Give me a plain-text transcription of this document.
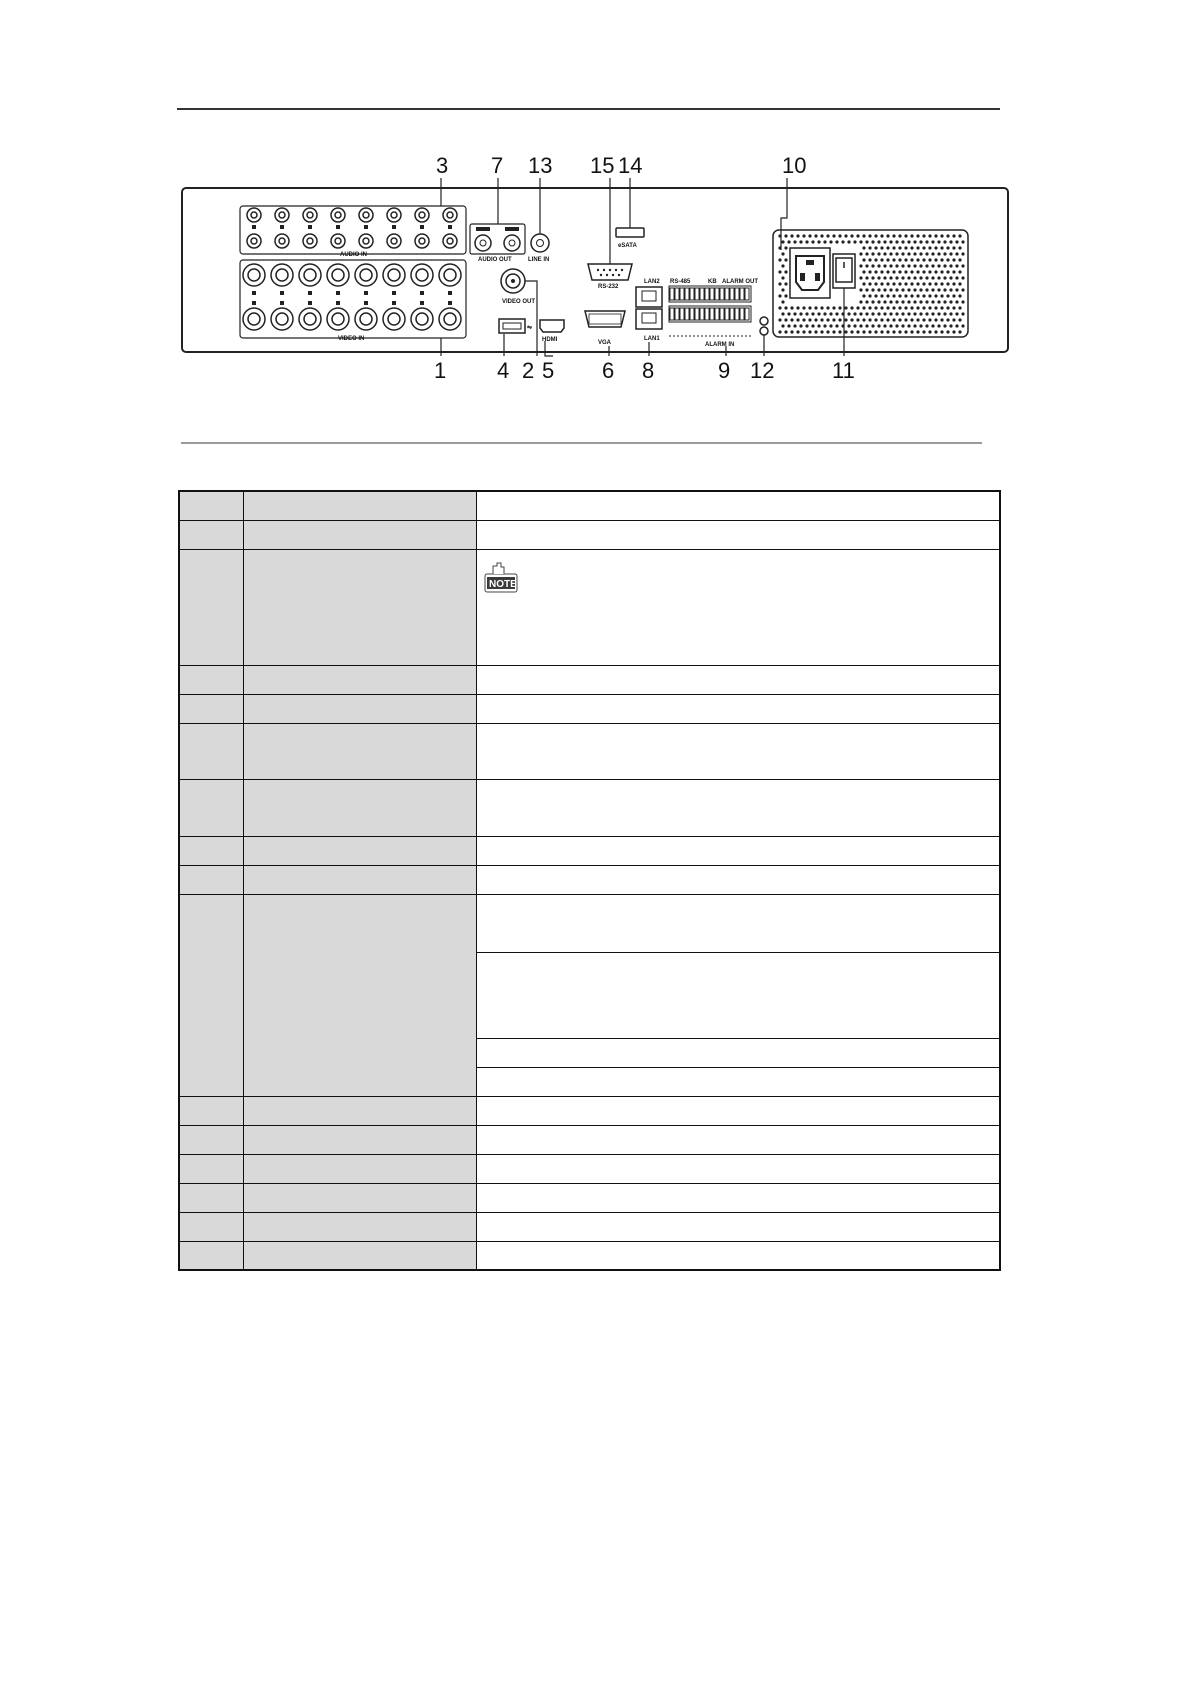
3 7 13 15 14	10
AUDIO IN
AUDIO OUT	LINE IN
VIDEO IN
VIDEO OUT
⇋
HDMI
RS-232
eSATA
VGA
LAN2
LAN1
RS-485	KB ALARM OUT
ALARM IN
1 4 2 5 6 8	9 12	11

NOTE
